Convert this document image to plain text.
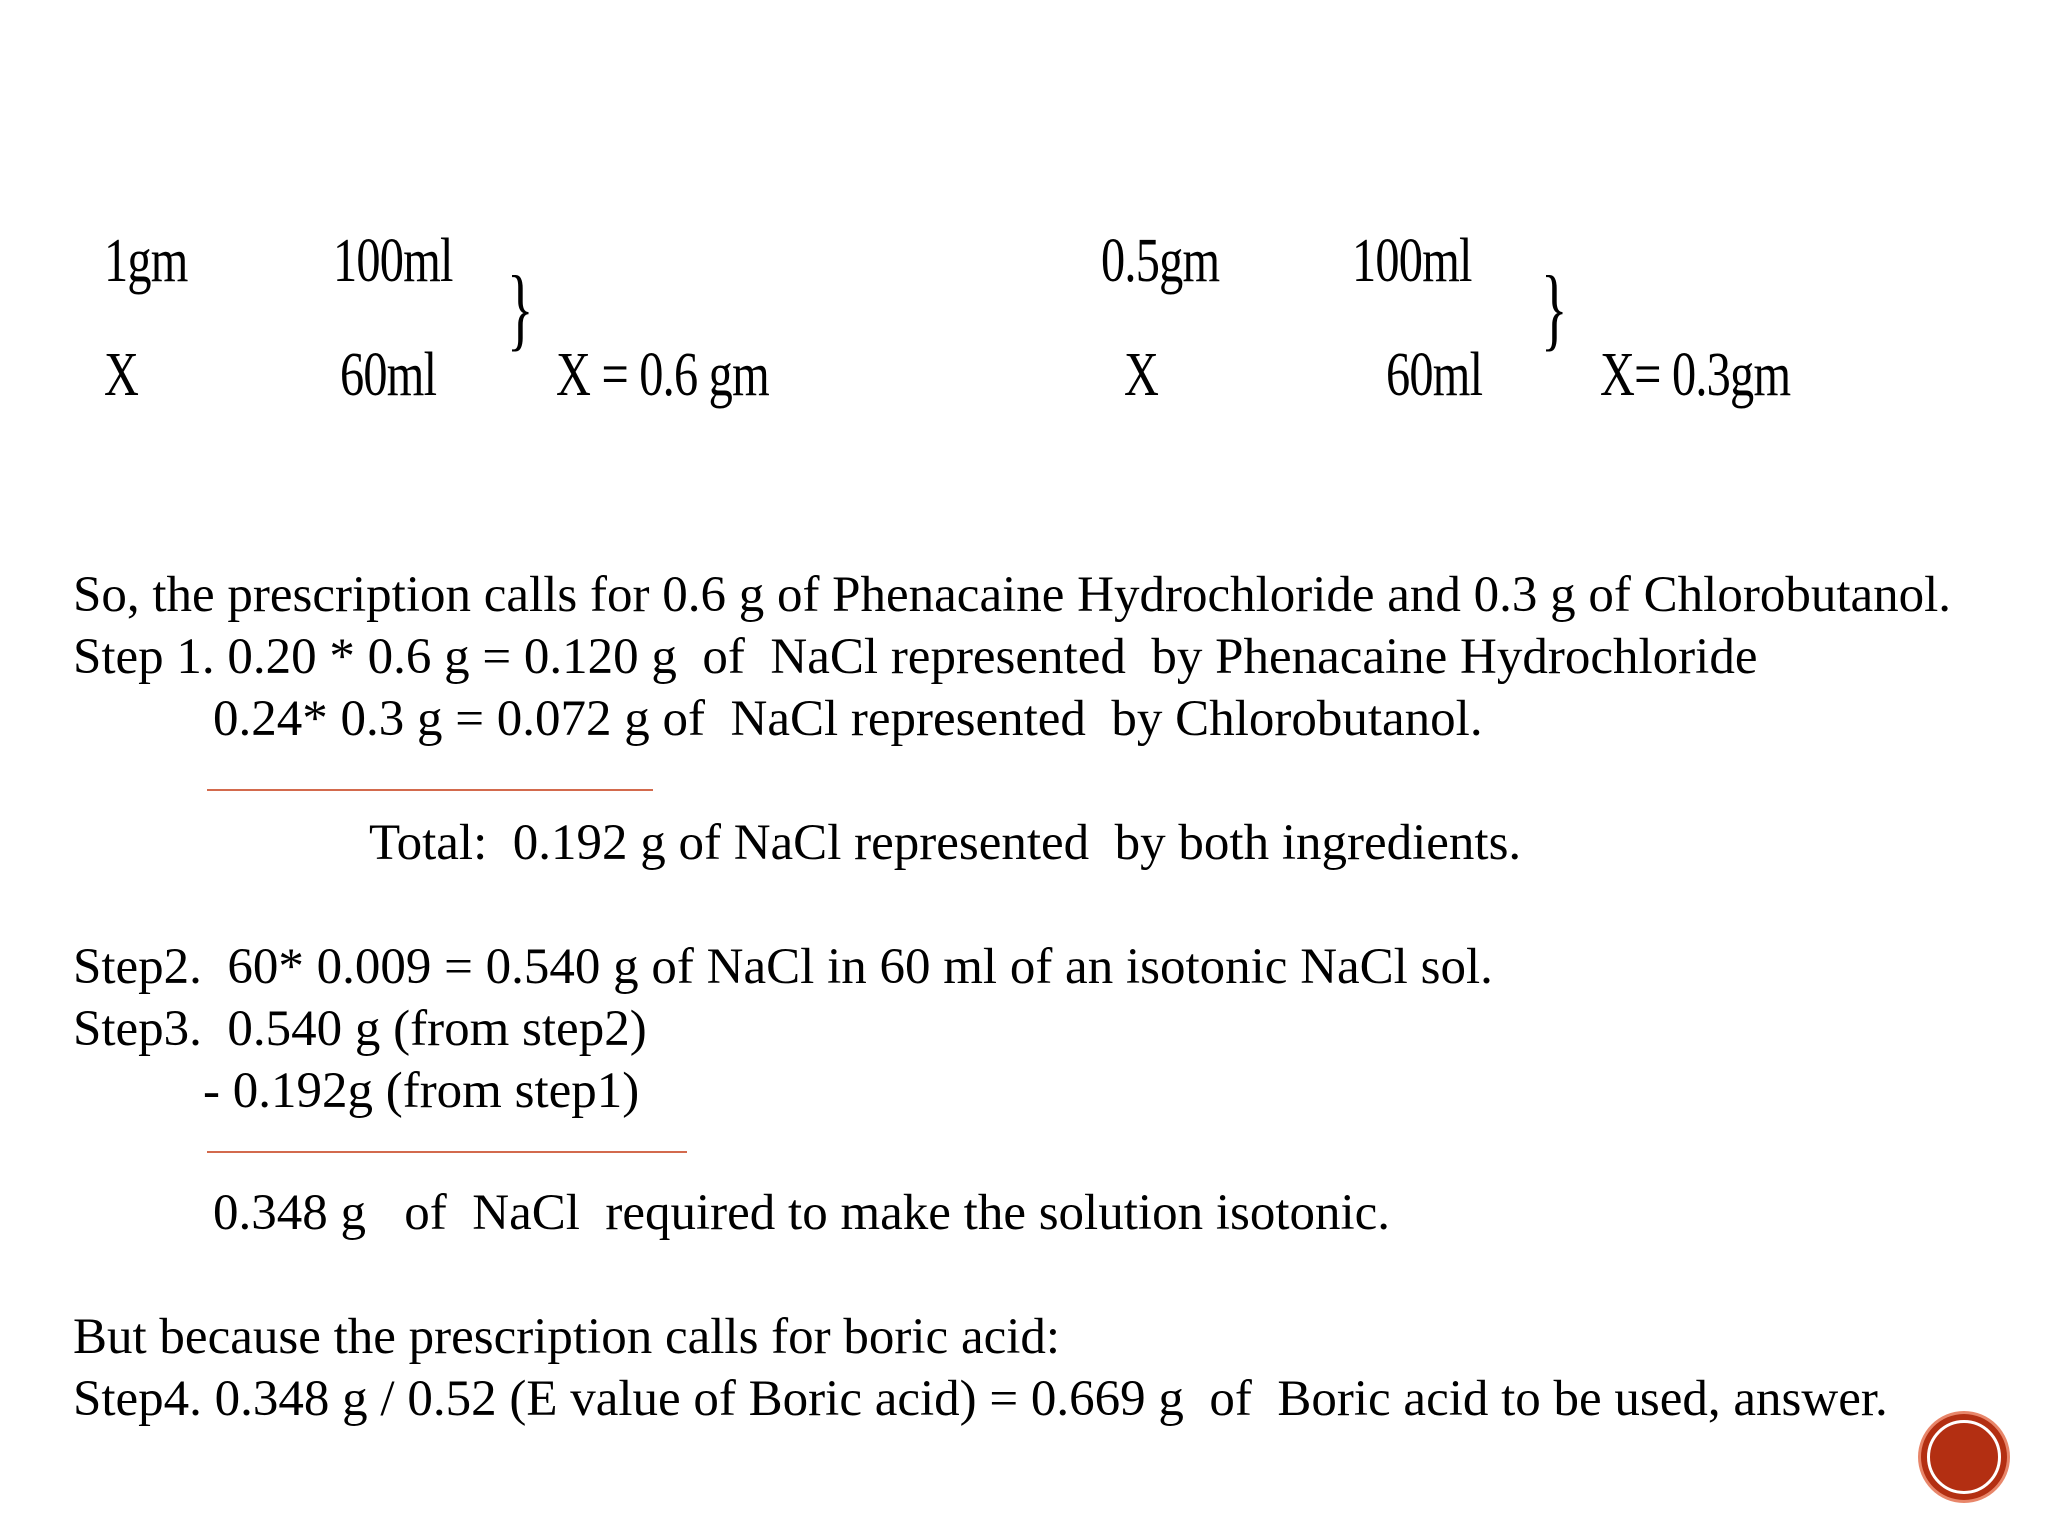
1gm 100ml
X	60ml
}
X = 0.6 gm
0.5gm 100ml
X	60ml
}
X= 0.3gm
So, the prescription calls for 0.6 g of Phenacaine Hydrochloride and 0.3 g of Chlorobutanol.
Step 1. 0.20 * 0.6 g = 0.120 g  of  NaCl represented  by Phenacaine Hydrochloride
0.24* 0.3 g = 0.072 g of  NaCl represented  by Chlorobutanol.
Total:  0.192 g of NaCl represented  by both ingredients.
Step2.  60* 0.009 = 0.540 g of NaCl in 60 ml of an isotonic NaCl sol.
Step3.  0.540 g (from step2)
- 0.192g (from step1)
0.348 g   of  NaCl  required to make the solution isotonic.
But because the prescription calls for boric acid:
Step4. 0.348 g / 0.52 (E value of Boric acid) = 0.669 g  of  Boric acid to be used, answer.
